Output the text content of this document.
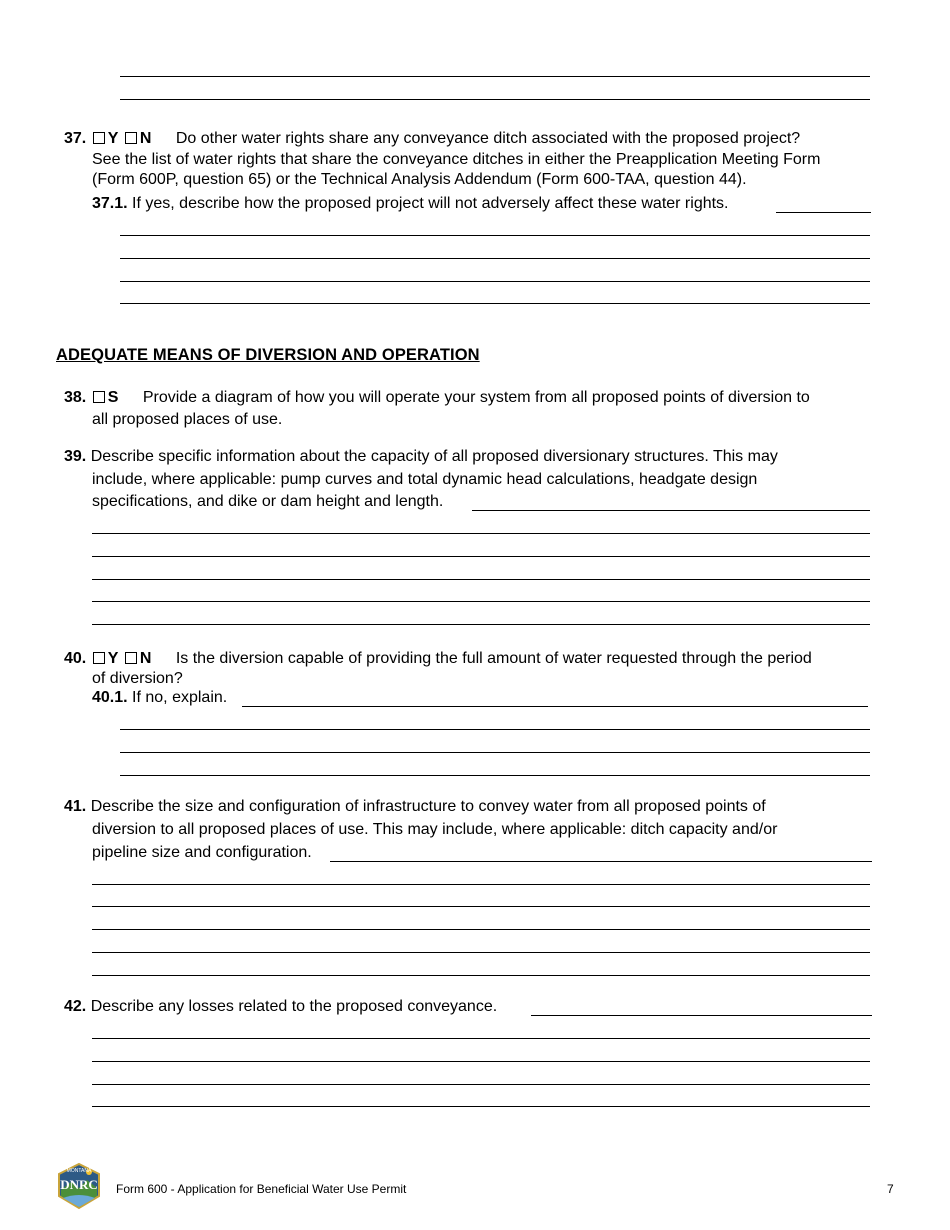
37. Y N Do other water rights share any conveyance ditch associated with the proposed project?
See the list of water rights that share the conveyance ditches in either the Preapplication Meeting Form
(Form 600P, question 65) or the Technical Analysis Addendum (Form 600-TAA, question 44).
37.1. If yes, describe how the proposed project will not adversely affect these water rights.
ADEQUATE MEANS OF DIVERSION AND OPERATION
38. S Provide a diagram of how you will operate your system from all proposed points of diversion to
all proposed places of use.
39. Describe specific information about the capacity of all proposed diversionary structures. This may
include, where applicable: pump curves and total dynamic head calculations, headgate design
specifications, and dike or dam height and length.
40. Y N Is the diversion capable of providing the full amount of water requested through the period
of diversion?
40.1. If no, explain.
41. Describe the size and configuration of infrastructure to convey water from all proposed points of
diversion to all proposed places of use. This may include, where applicable: ditch capacity and/or
pipeline size and configuration.
42. Describe any losses related to the proposed conveyance.
MONTANA
DNRC Form 600 - Application for Beneficial Water Use Permit	7
